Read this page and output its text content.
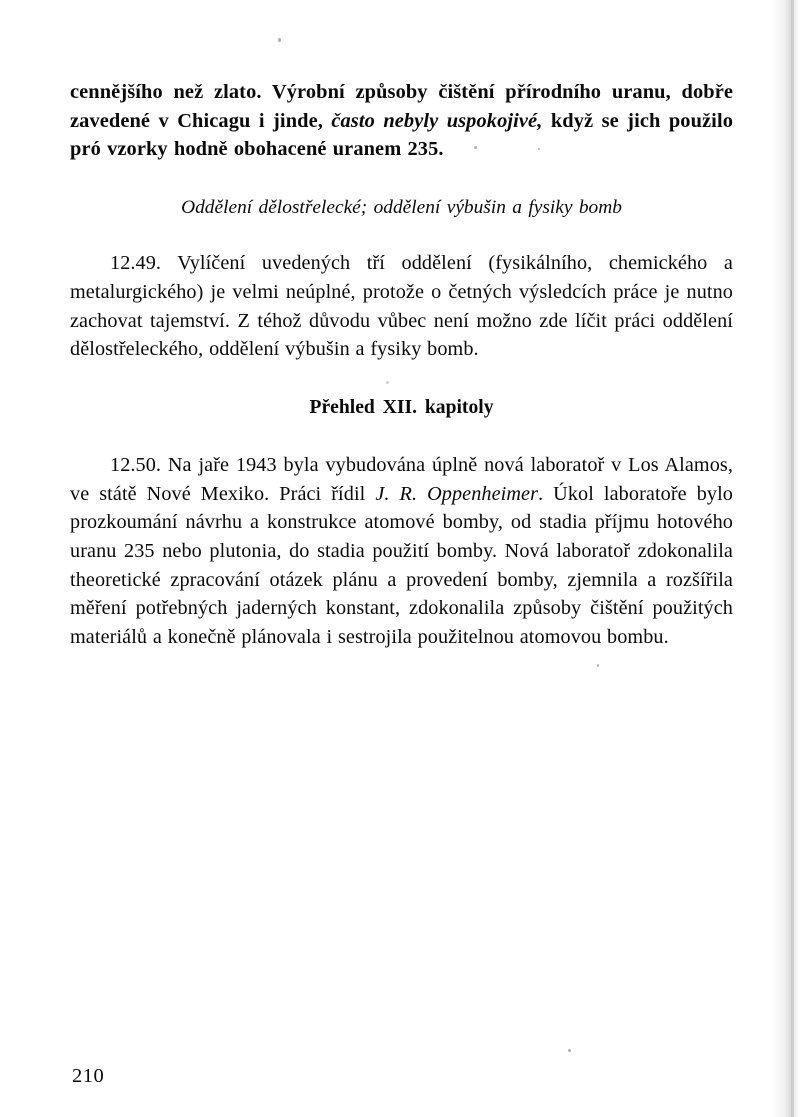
cennějšího než zlato. Výrobní způsoby čištění přírodního uranu, dobře zavedené v Chicagu i jinde, často nebyly uspokojivé, když se jich použilo pró vzorky hodně obohacené uranem 235.

Oddělení dělostřelecké; oddělení výbušin a fysiky bomb

12.49. Vylíčení uvedených tří oddělení (fysikálního, chemického a metalurgického) je velmi neúplné, protože o četných výsledcích práce je nutno zachovat tajemství. Z téhož důvodu vůbec není možno zde líčit práci oddělení dělostřeleckého, oddělení výbušin a fysiky bomb.

Přehled XII. kapitoly

12.50. Na jaře 1943 byla vybudována úplně nová laboratoř v Los Alamos, ve státě Nové Mexiko. Práci řídil J. R. Oppenheimer. Úkol laboratoře bylo prozkoumání návrhu a konstrukce atomové bomby, od stadia příjmu hotového uranu 235 nebo plutonia, do stadia použití bomby. Nová laboratoř zdokonalila theoretické zpracování otázek plánu a provedení bomby, zjemnila a rozšířila měření potřebných jaderných konstant, zdokonalila způsoby čištění použitých materiálů a konečně plánovala i sestrojila použitelnou atomovou bombu.

210
